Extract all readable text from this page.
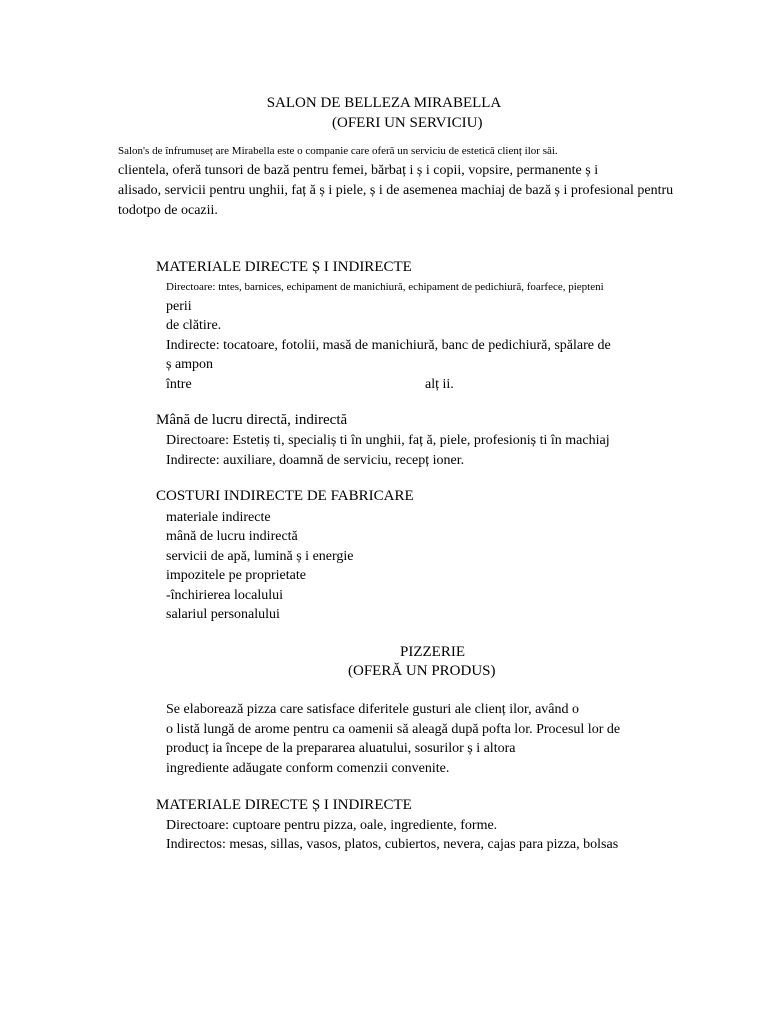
SALON DE BELLEZA MIRABELLA
(OFERI UN SERVICIU)
Salon's de înfrumuseț are Mirabella este o companie care oferă un serviciu de estetică clienț ilor săi.
clientela, oferă tunsori de bază pentru femei, bărbaț i ș i copii, vopsire, permanente ș i
alisado, servicii pentru unghii, faț ă ș i piele, ș i de asemenea machiaj de bază ș i profesional pentru
todotpo de ocazii.
MATERIALE DIRECTE Ș I INDIRECTE
Directoare: tntes, barnices, echipament de manichiură, echipament de pedichiură, foarfece, piepteni
perii
de clătire.
Indirecte: tocatoare, fotolii, masă de manichiură, banc de pedichiură, spălare de
ș ampon
între	alț ii.
Mână de lucru directă, indirectă
Directoare: Estetiș ti, specialiș ti în unghii, faț ă, piele, profesioniș ti în machiaj
Indirecte: auxiliare, doamnă de serviciu, recepț ioner.
COSTURI INDIRECTE DE FABRICARE
materiale indirecte
mână de lucru indirectă
servicii de apă, lumină ș i energie
impozitele pe proprietate
-închirierea localului
salariul personalului
PIZZERIE
(OFERĂ UN PRODUS)
Se elaborează pizza care satisface diferitele gusturi ale clienț ilor, având o
o listă lungă de arome pentru ca oamenii să aleagă după pofta lor. Procesul lor de
producț ia începe de la prepararea aluatului, sosurilor ș i altora
ingrediente adăugate conform comenzii convenite.
MATERIALE DIRECTE Ș I INDIRECTE
Directoare: cuptoare pentru pizza, oale, ingrediente, forme.
Indirectos: mesas, sillas, vasos, platos, cubiertos, nevera, cajas para pizza, bolsas
